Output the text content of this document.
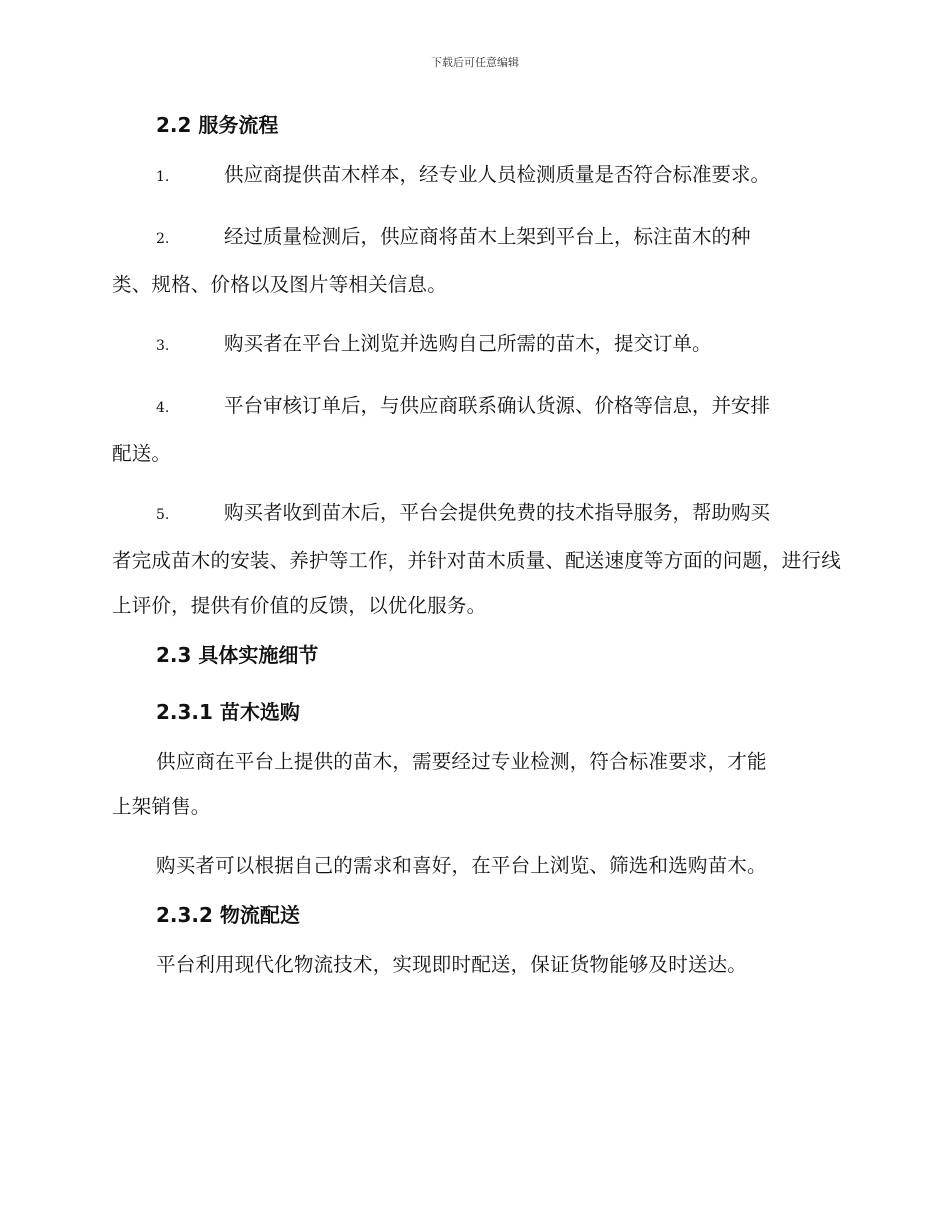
下载后可任意编辑
2.2 服务流程
1.	供应商提供苗木样本，经专业人员检测质量是否符合标准要求。
2.	经过质量检测后，供应商将苗木上架到平台上，标注苗木的种
类、规格、价格以及图片等相关信息。
3.	购买者在平台上浏览并选购自己所需的苗木，提交订单。
4.	平台审核订单后，与供应商联系确认货源、价格等信息，并安排
配送。
5.	购买者收到苗木后，平台会提供免费的技术指导服务，帮助购买
者完成苗木的安装、养护等工作，并针对苗木质量、配送速度等方面的问题，进行线上评价，提供有价值的反馈，以优化服务。
2.3 具体实施细节
2.3.1 苗木选购
供应商在平台上提供的苗木，需要经过专业检测，符合标准要求，才能
上架销售。
购买者可以根据自己的需求和喜好，在平台上浏览、筛选和选购苗木。
2.3.2 物流配送
平台利用现代化物流技术，实现即时配送，保证货物能够及时送达。
